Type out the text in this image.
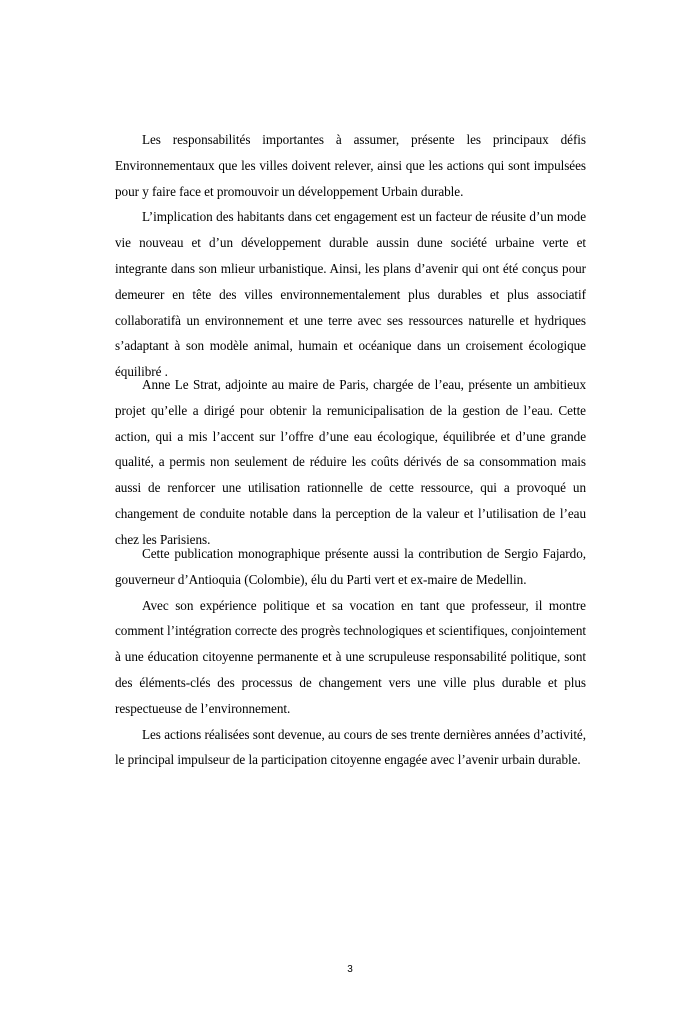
Les responsabilités importantes à assumer, présente les principaux défis Environnementaux que les villes doivent relever, ainsi que les actions qui sont impulsées pour y faire face et promouvoir un développement Urbain durable.

L’implication des habitants dans cet engagement est un facteur de réusite d’un mode vie nouveau et d’un développement durable aussin dune société urbaine verte et integrante dans son mlieur urbanistique. Ainsi, les plans d’avenir qui ont été conçus pour demeurer en tête des villes environnementalement plus durables et plus associatif collaboratifà un environnement et une terre avec ses ressources naturelle et hydriques s’adaptant à son modèle animal, humain et océanique dans un croisement écologique équilibré .

Anne Le Strat, adjointe au maire de Paris, chargée de l’eau, présente un ambitieux projet qu’elle a dirigé pour obtenir la remunicipalisation de la gestion de l’eau. Cette action, qui a mis l’accent sur l’offre d’une eau écologique, équilibrée et d’une grande qualité, a permis non seulement de réduire les coûts dérivés de sa consommation mais aussi de renforcer une utilisation rationnelle de cette ressource, qui a provoqué un changement de conduite notable dans la perception de la valeur et l’utilisation de l’eau chez les Parisiens.

Cette publication monographique présente aussi la contribution de Sergio Fajardo, gouverneur d’Antioquia (Colombie), élu du Parti vert et ex-maire de Medellin.

Avec son expérience politique et sa vocation en tant que professeur, il montre comment l’intégration correcte des progrès technologiques et scientifiques, conjointement à une éducation citoyenne permanente et à une scrupuleuse responsabilité politique, sont des éléments-clés des processus de changement vers une ville plus durable et plus respectueuse de l’environnement.

Les actions réalisées sont devenue, au cours de ses trente dernières années d’activité, le principal impulseur de la participation citoyenne engagée avec l’avenir urbain durable.

3
